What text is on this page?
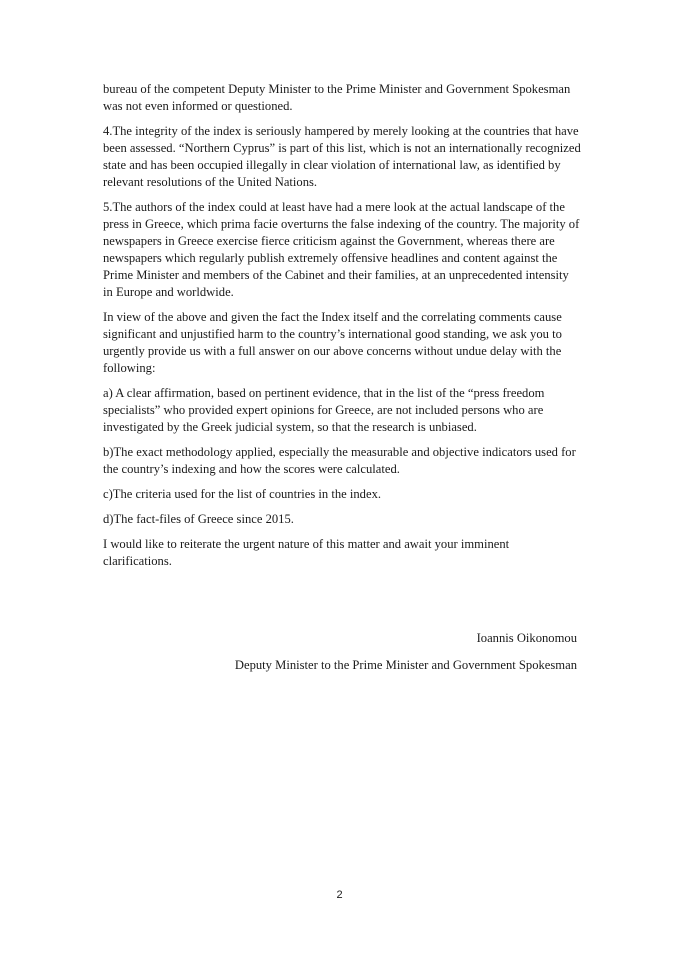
bureau of the competent Deputy Minister to the Prime Minister and Government Spokesman was not even informed or questioned.

4.The integrity of the index is seriously hampered by merely looking at the countries that have been assessed. “Northern Cyprus” is part of this list, which is not an internationally recognized state and has been occupied illegally in clear violation of international law, as identified by relevant resolutions of the United Nations.

5.The authors of the index could at least have had a mere look at the actual landscape of the press in Greece, which prima facie overturns the false indexing of the country. The majority of newspapers in Greece exercise fierce criticism against the Government, whereas there are newspapers which regularly publish extremely offensive headlines and content against the Prime Minister and members of the Cabinet and their families, at an unprecedented intensity in Europe and worldwide.

In view of the above and given the fact the Index itself and the correlating comments cause significant and unjustified harm to the country’s international good standing, we ask you to urgently provide us with a full answer on our above concerns without undue delay with the following:

a) A clear affirmation, based on pertinent evidence, that in the list of the “press freedom specialists” who provided expert opinions for Greece, are not included persons who are investigated by the Greek judicial system, so that the research is unbiased.

b)The exact methodology applied, especially the measurable and objective indicators used for the country’s indexing and how the scores were calculated.

c)The criteria used for the list of countries in the index.

d)The fact-files of Greece since 2015.

I would like to reiterate the urgent nature of this matter and await your imminent clarifications.

Ioannis Oikonomou
Deputy Minister to the Prime Minister and Government Spokesman
2
